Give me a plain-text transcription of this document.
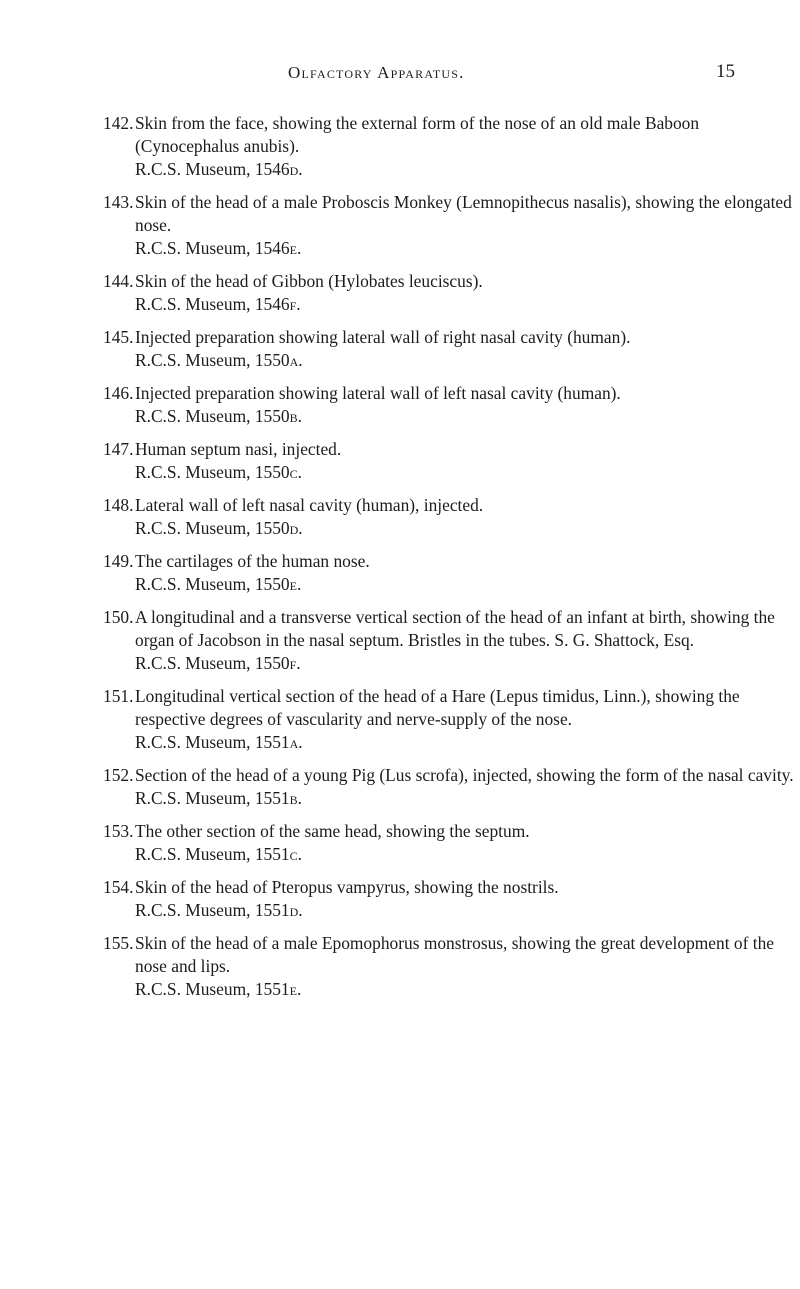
Olfactory Apparatus.	15
142. Skin from the face, showing the external form of the nose of an old male Baboon (Cynocephalus anubis).
R.C.S. Museum, 1546d.
143. Skin of the head of a male Proboscis Monkey (Lemnopithecus nasalis), showing the elongated nose.
R.C.S. Museum, 1546e.
144. Skin of the head of Gibbon (Hylobates leuciscus).
R.C.S. Museum, 1546f.
145. Injected preparation showing lateral wall of right nasal cavity (human).
R.C.S. Museum, 1550a.
146. Injected preparation showing lateral wall of left nasal cavity (human).
R.C.S. Museum, 1550b.
147. Human septum nasi, injected.
R.C.S. Museum, 1550c.
148. Lateral wall of left nasal cavity (human), injected.
R.C.S. Museum, 1550d.
149. The cartilages of the human nose.
R.C.S. Museum, 1550e.
150. A longitudinal and a transverse vertical section of the head of an infant at birth, showing the organ of Jacobson in the nasal septum. Bristles in the tubes. S. G. Shattock, Esq.
R.C.S. Museum, 1550f.
151. Longitudinal vertical section of the head of a Hare (Lepus timidus, Linn.), showing the respective degrees of vascularity and nerve-supply of the nose.
R.C.S. Museum, 1551a.
152. Section of the head of a young Pig (Lus scrofa), injected, showing the form of the nasal cavity.
R.C.S. Museum, 1551b.
153. The other section of the same head, showing the septum.
R.C.S. Museum, 1551c.
154. Skin of the head of Pteropus vampyrus, showing the nostrils.
R.C.S. Museum, 1551d.
155. Skin of the head of a male Epomophorus monstrosus, showing the great development of the nose and lips.
R.C.S. Museum, 1551e.
